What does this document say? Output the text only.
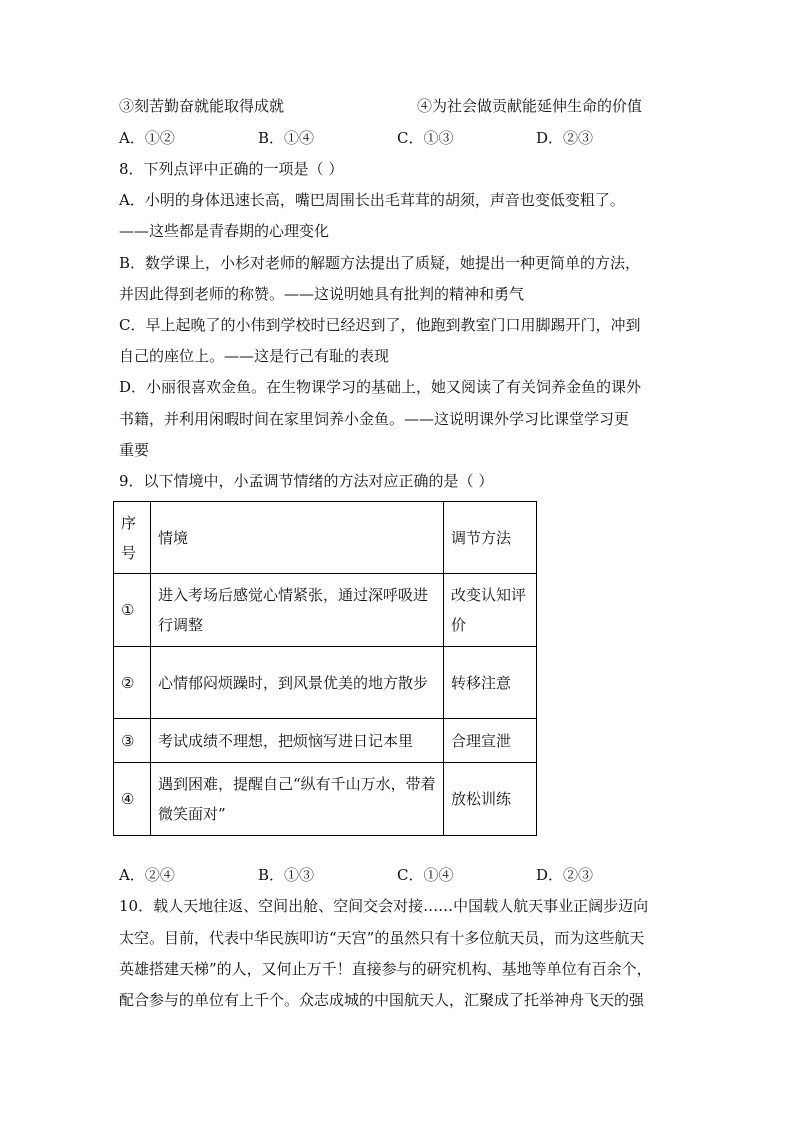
③刻苦勤奋就能取得成就	④为社会做贡献能延伸生命的价值
A．①②	B．①④	C．①③	D．②③
8．下列点评中正确的一项是（ ）
A．小明的身体迅速长高，嘴巴周围长出毛茸茸的胡须，声音也变低变粗了。
——这些都是青春期的心理变化
B．数学课上，小杉对老师的解题方法提出了质疑，她提出一种更简单的方法，
并因此得到老师的称赞。——这说明她具有批判的精神和勇气
C．早上起晚了的小伟到学校时已经迟到了，他跑到教室门口用脚踢开门，冲到
自己的座位上。——这是行己有耻的表现
D．小丽很喜欢金鱼。在生物课学习的基础上，她又阅读了有关饲养金鱼的课外
书籍，并利用闲暇时间在家里饲养小金鱼。——这说明课外学习比课堂学习更
重要
9．以下情境中，小孟调节情绪的方法对应正确的是（ ）
序号	情境	调节方法
①	进入考场后感觉心情紧张，通过深呼吸进行调整	改变认知评价
②	心情郁闷烦躁时，到风景优美的地方散步	转移注意
③	考试成绩不理想，把烦恼写进日记本里	合理宣泄
④	遇到困难，提醒自己“纵有千山万水，带着微笑面对”	放松训练
A．②④	B．①③	C．①④	D．②③
10．载人天地往返、空间出舱、空间交会对接……中国载人航天事业正阔步迈向
太空。目前，代表中华民族叩访“天宫”的虽然只有十多位航天员，而为这些航天
英雄搭建天梯”的人，又何止万千！直接参与的研究机构、基地等单位有百余个，
配合参与的单位有上千个。众志成城的中国航天人，汇聚成了托举神舟飞天的强
